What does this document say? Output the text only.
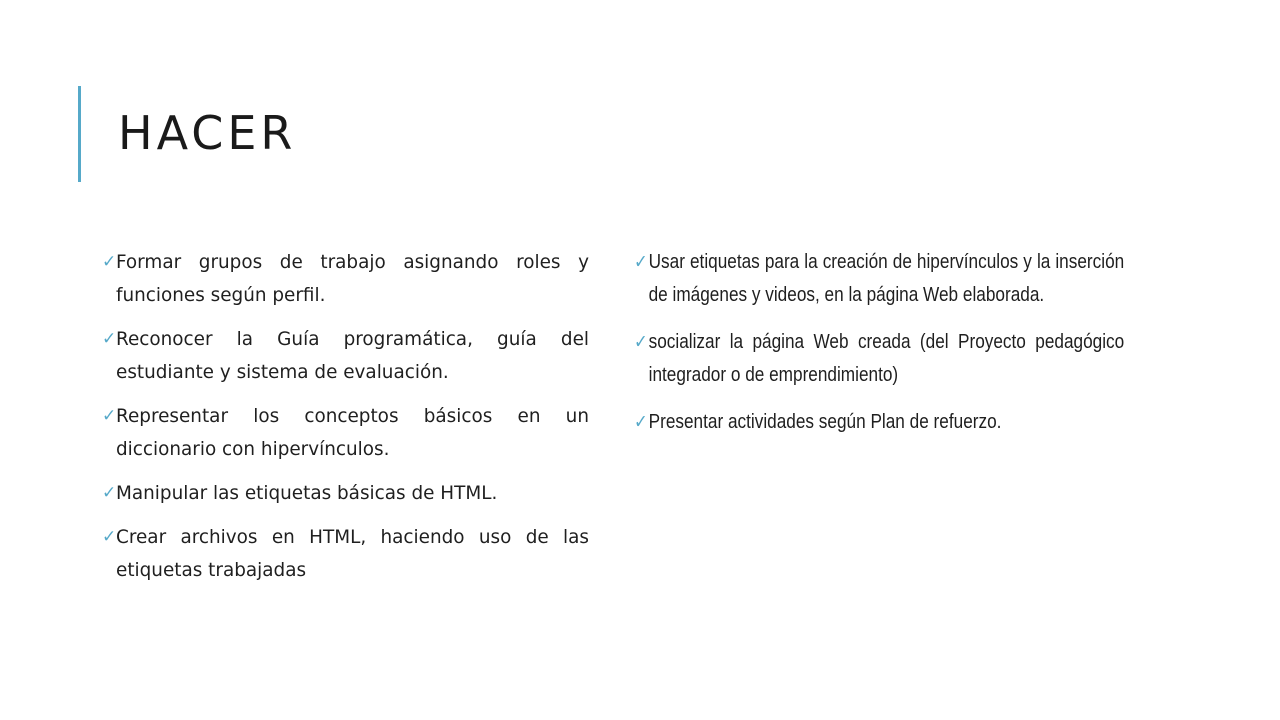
HACER
✓ Formar grupos de trabajo asignando roles y funciones según perfil.
✓ Reconocer la Guía programática, guía del estudiante y sistema de evaluación.
✓ Representar los conceptos básicos en un diccionario con hipervínculos.
✓ Manipular las etiquetas básicas de HTML.
✓ Crear archivos en HTML, haciendo uso de las etiquetas trabajadas
✓ Usar etiquetas para la creación de hipervínculos y la inserción de imágenes y videos, en la página Web elaborada.
✓ socializar la página Web creada (del Proyecto pedagógico integrador o de emprendimiento)
✓ Presentar actividades según Plan de refuerzo.
